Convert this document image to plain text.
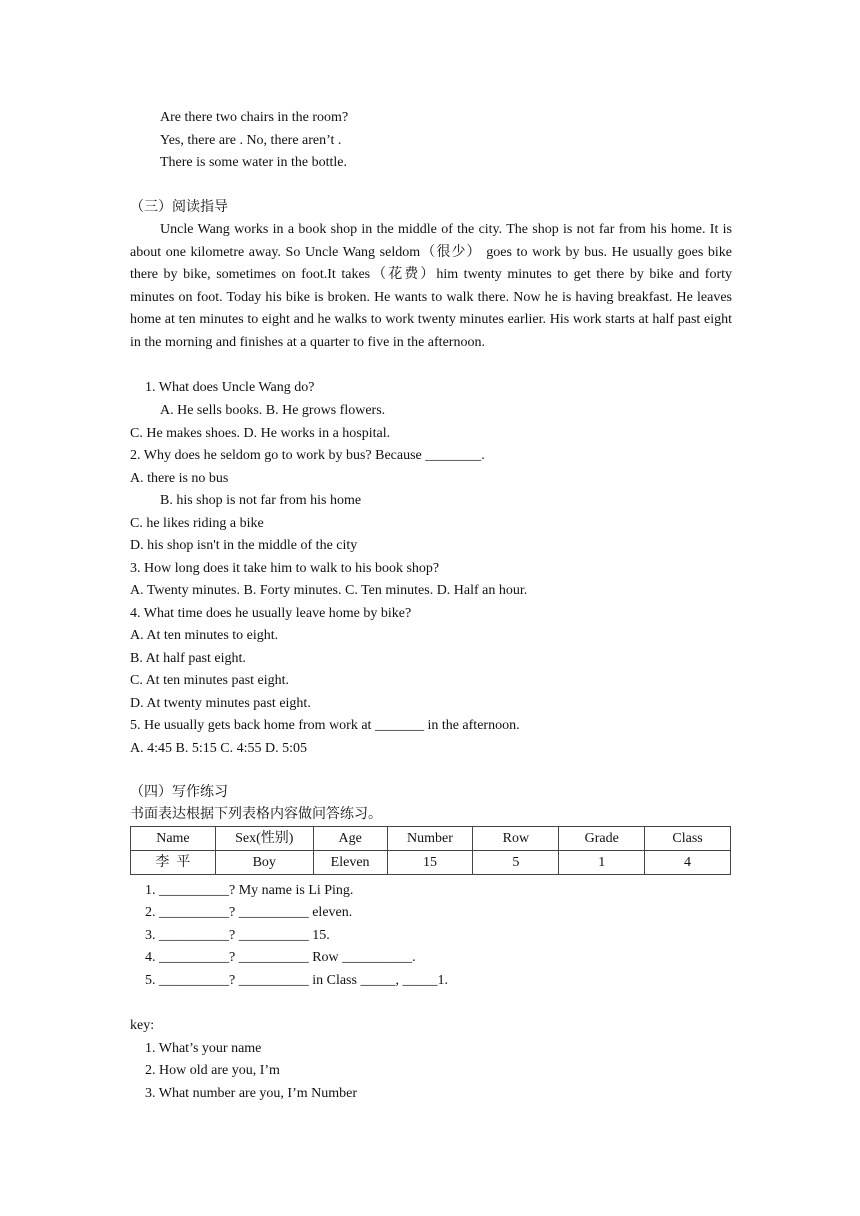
Are there two chairs in the room?
Yes, there are . No, there aren’t .
There is some water in the bottle.
（三）阅读指导
Uncle Wang works in a book shop in the middle of the city. The shop is not far from his home. It is about one kilometre away. So Uncle Wang seldom（很少） goes to work by bus. He usually goes bike there by bike, sometimes on foot.It takes（花费）him twenty minutes to get there by bike and forty minutes on foot. Today his bike is broken. He wants to walk there. Now he is having breakfast. He leaves home at ten minutes to eight and he walks to work twenty minutes earlier. His work starts at half past eight in the morning and finishes at a quarter to five in the afternoon.
1. What does Uncle Wang do?
A. He sells books. B. He grows flowers.
C. He makes shoes. D. He works in a hospital.
2. Why does he seldom go to work by bus? Because ________.
A. there is no bus
B. his shop is not far from his home
C. he likes riding a bike
D. his shop isn't in the middle of the city
3. How long does it take him to walk to his book shop?
A. Twenty minutes. B. Forty minutes. C. Ten minutes. D. Half an hour.
4. What time does he usually leave home by bike?
A. At ten minutes to eight.
B. At half past eight.
C. At ten minutes past eight.
D. At twenty minutes past eight.
5. He usually gets back home from work at _______ in the afternoon.
A. 4:45 B. 5:15 C. 4:55 D. 5:05
（四）写作练习
书面表达根据下列表格内容做问答练习。
Name	Sex(性别)	Age	Number	Row	Grade	Class
李  平	Boy	Eleven	15	5	1	4
1. __________? My name is Li Ping.
2. __________? __________ eleven.
3. __________? __________ 15.
4. __________? __________ Row __________.
5. __________? __________ in Class _____, _____1.
key:
1. What’s your name
2. How old are you, I’m
3. What number are you, I’m Number
